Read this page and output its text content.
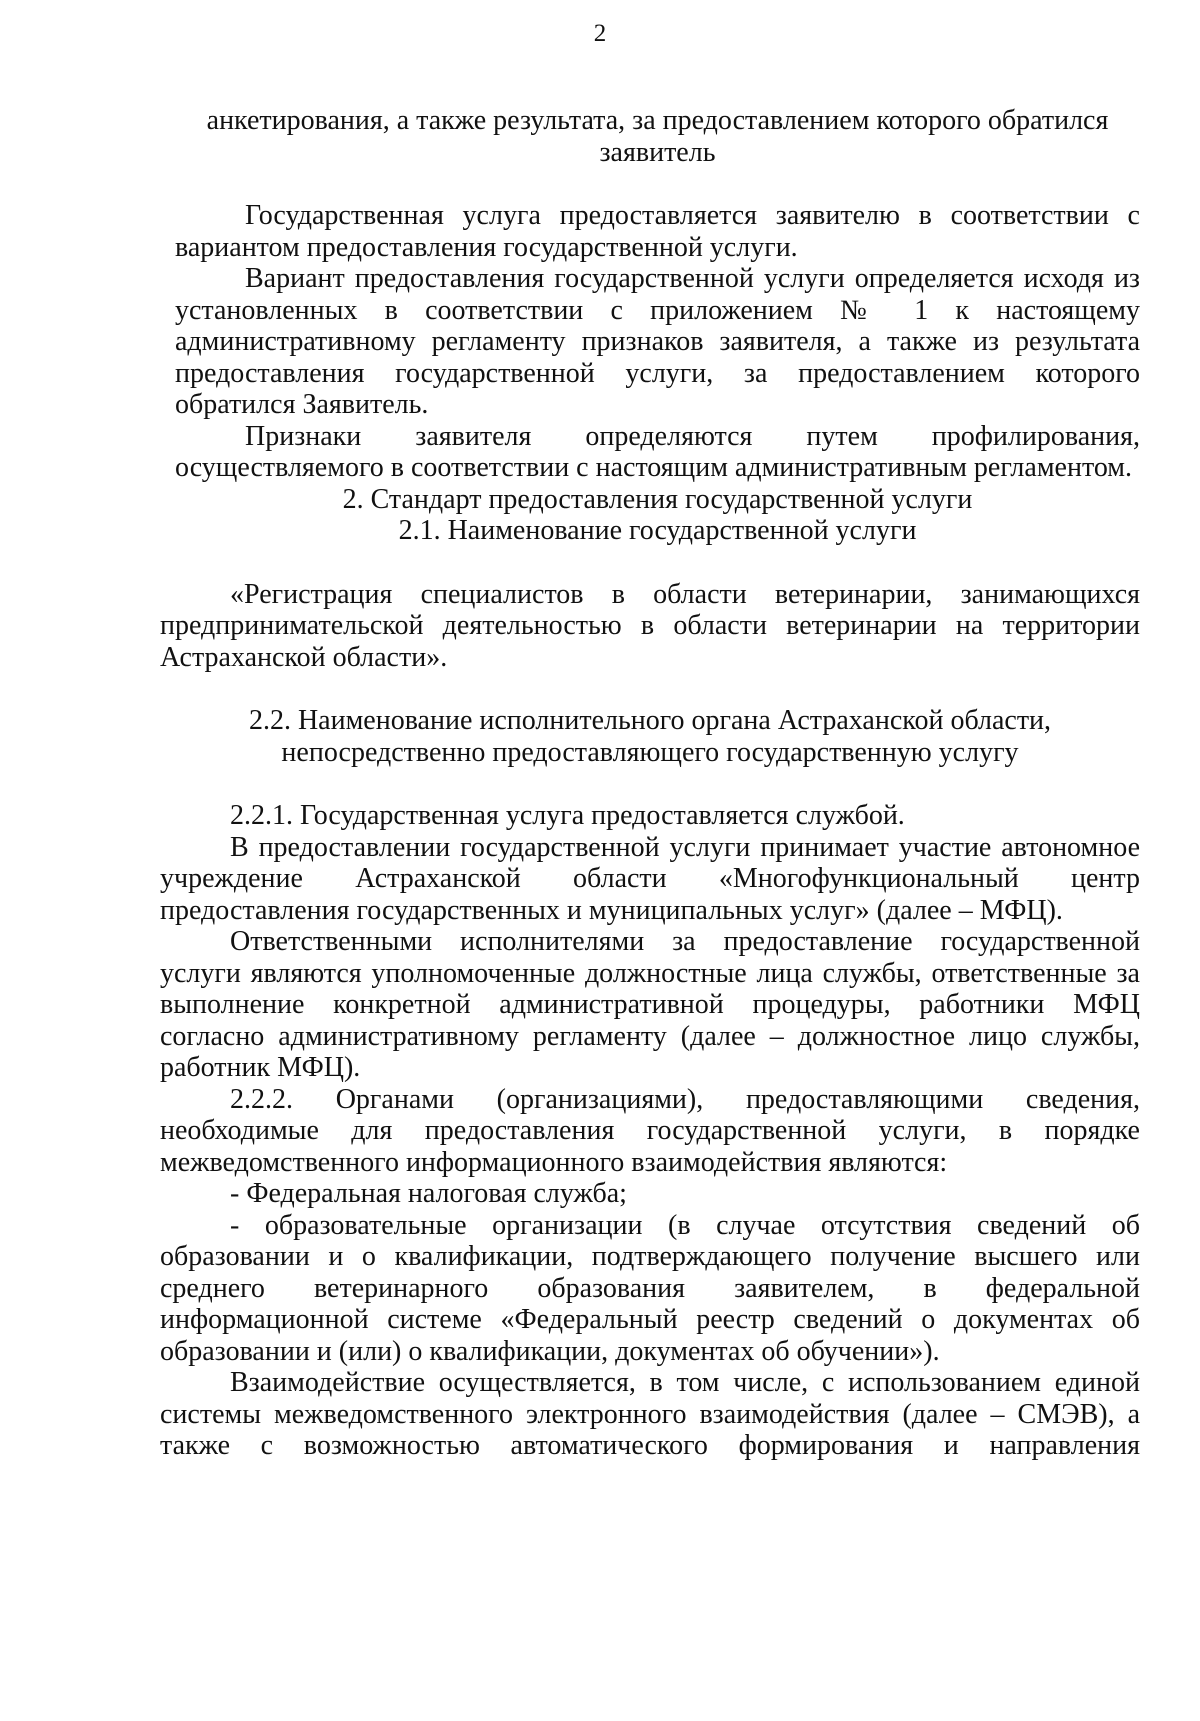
2

анкетирования, а также результата, за предоставлением которого обратился заявитель

Государственная услуга предоставляется заявителю в соответствии с вариантом предоставления государственной услуги.

Вариант предоставления государственной услуги определяется исходя из установленных в соответствии с приложением № 1 к настоящему административному регламенту признаков заявителя, а также из результата предоставления государственной услуги, за предоставлением которого обратился Заявитель.

Признаки заявителя определяются путем профилирования, осуществляемого в соответствии с настоящим административным регламентом.

2. Стандарт предоставления государственной услуги
2.1. Наименование государственной услуги

«Регистрация специалистов в области ветеринарии, занимающихся предпринимательской деятельностью в области ветеринарии на территории Астраханской области».

2.2. Наименование исполнительного органа Астраханской области,

непосредственно предоставляющего государственную услугу

2.2.1. Государственная услуга предоставляется службой.

В предоставлении государственной услуги принимает участие автономное учреждение Астраханской области «Многофункциональный центр предоставления государственных и муниципальных услуг» (далее – МФЦ).

Ответственными исполнителями за предоставление государственной услуги являются уполномоченные должностные лица службы, ответственные за выполнение конкретной административной процедуры, работники МФЦ согласно административному регламенту (далее – должностное лицо службы, работник МФЦ).

2.2.2. Органами (организациями), предоставляющими сведения, необходимые для предоставления государственной услуги, в порядке межведомственного информационного взаимодействия являются:

- Федеральная налоговая служба;

- образовательные организации (в случае отсутствия сведений об образовании и о квалификации, подтверждающего получение высшего или среднего ветеринарного образования заявителем, в федеральной информационной системе «Федеральный реестр сведений о документах об образовании и (или) о квалификации, документах об обучении»).

Взаимодействие осуществляется, в том числе, с использованием единой системы межведомственного электронного взаимодействия (далее – СМЭВ), а также с возможностью автоматического формирования и направления
